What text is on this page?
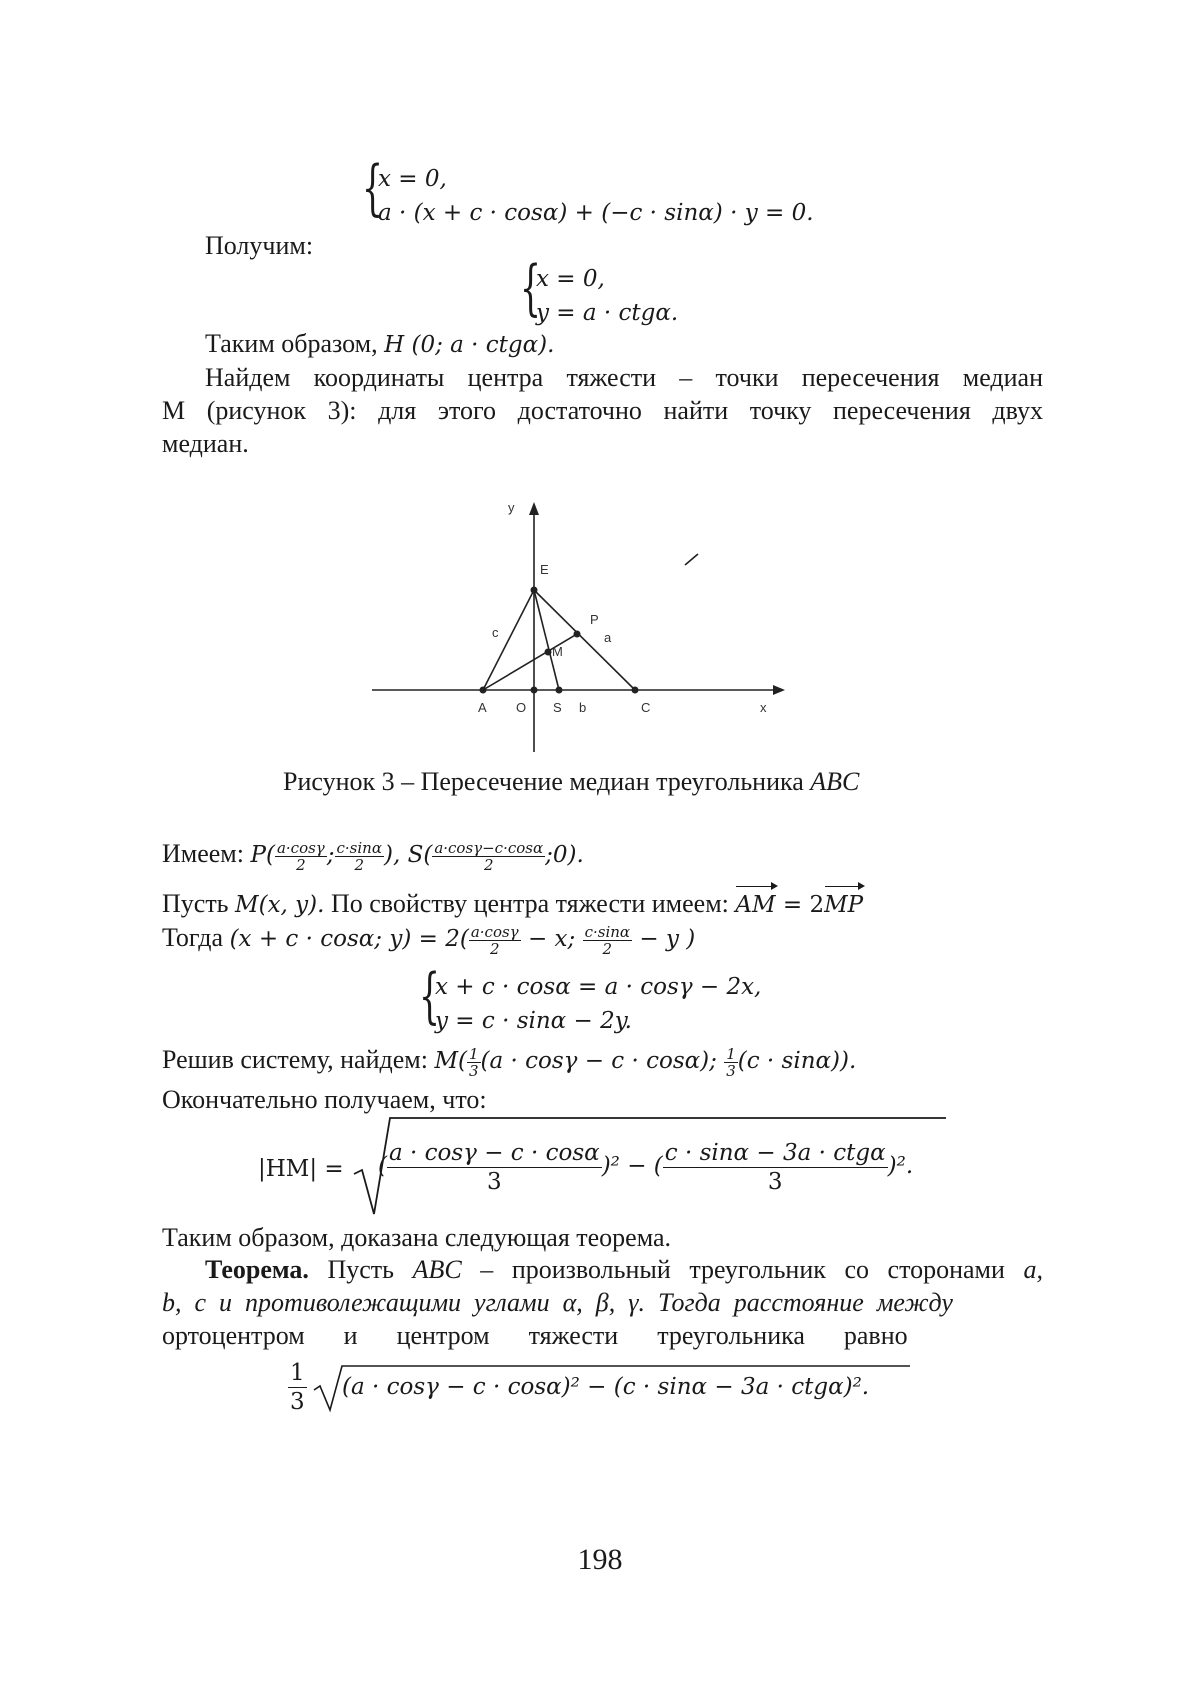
{
x = 0,
a · (x + c · cosα) + (−c · sinα) · y = 0.
Получим:
{
x = 0,
y = a · ctgα.
Таким образом, H (0; a · ctgα).
Найдем координаты центра тяжести – точки пересечения медиан
M (рисунок 3): для этого достаточно найти точку пересечения двух
медиан.
y
x
E
P
a
c
M
A O S b	C
Рисунок 3 – Пересечение медиан треугольника ABC
Имеем: P( a·cosγ
2 ; c·sinα
2 ), S( a·cosγ−c·cosα
2	;0).
Пусть M(x, y). По свойству центра тяжести имеем: AM = 2MP
Тогда (x + c · cosα; y) = 2( a·cosγ
2 − x; c·sinα
2 − y )
{
x + c · cosα = a · cosγ − 2x,
y = c · sinα − 2y.
Решив систему, найдем: M( 1
3 (a · cosγ − c · cosα); 1
3 (c · sinα)).
Окончательно получаем, что:
|HM| = (
a · cosγ − c · cosα
3
)² − (
c · sinα − 3a · ctgα
3
)².
Таким образом, доказана следующая теорема.
Теорема. Пусть ABC – произвольный треугольник со сторонами a,
b,  c  и  противолежащими  углами  α,  β,  γ.  Тогда  расстояние  между
ортоцентром      и      центром      тяжести      треугольника      равно
1
3
(a · cosγ − c · cosα)² − (c · sinα − 3a · ctgα)².
198
